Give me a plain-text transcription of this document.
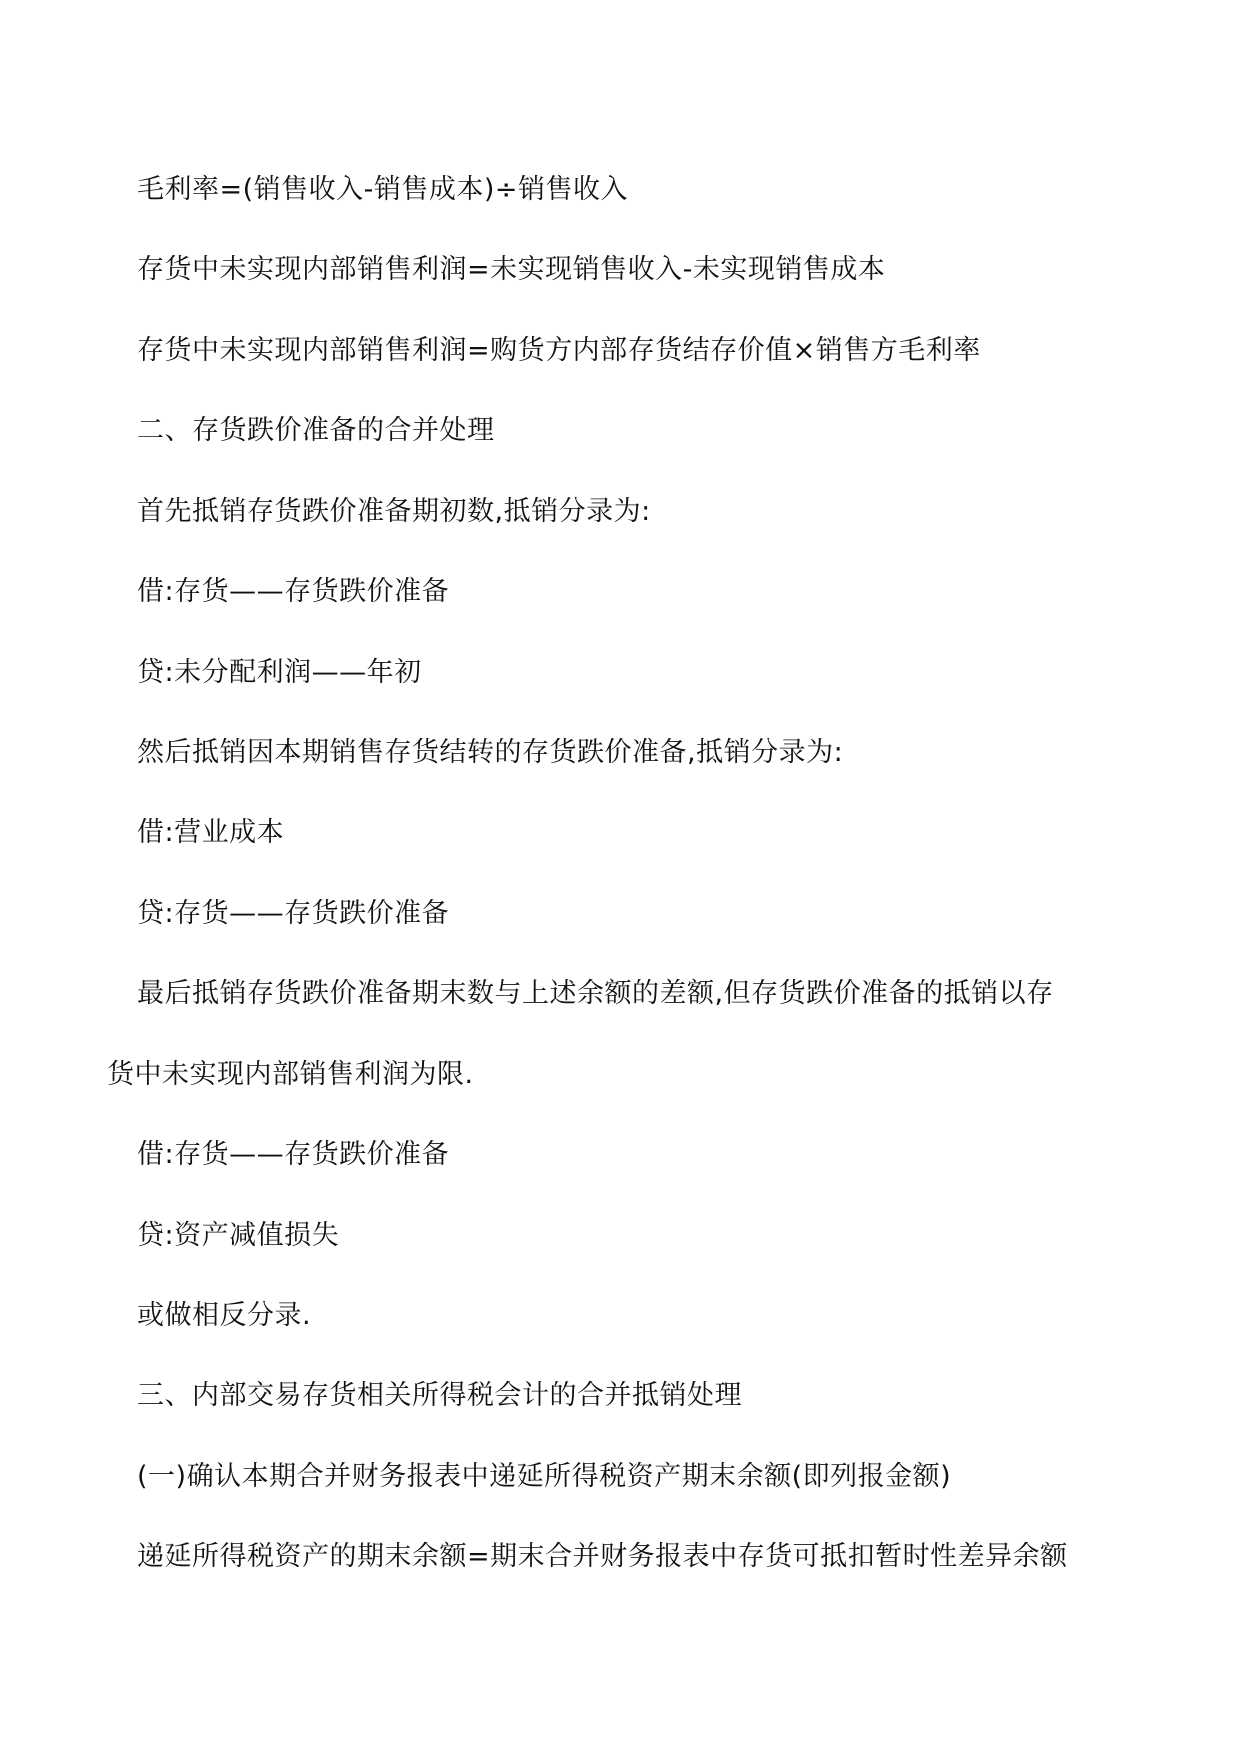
毛利率=(销售收入-销售成本)÷销售收入
存货中未实现内部销售利润=未实现销售收入-未实现销售成本
存货中未实现内部销售利润=购货方内部存货结存价值×销售方毛利率
二、存货跌价准备的合并处理
首先抵销存货跌价准备期初数,抵销分录为:
借:存货——存货跌价准备
贷:未分配利润——年初
然后抵销因本期销售存货结转的存货跌价准备,抵销分录为:
借:营业成本
贷:存货——存货跌价准备
最后抵销存货跌价准备期末数与上述余额的差额,但存货跌价准备的抵销以存
货中未实现内部销售利润为限.
借:存货——存货跌价准备
贷:资产减值损失
或做相反分录.
三、内部交易存货相关所得税会计的合并抵销处理
(一)确认本期合并财务报表中递延所得税资产期末余额(即列报金额)
递延所得税资产的期末余额=期末合并财务报表中存货可抵扣暂时性差异余额
